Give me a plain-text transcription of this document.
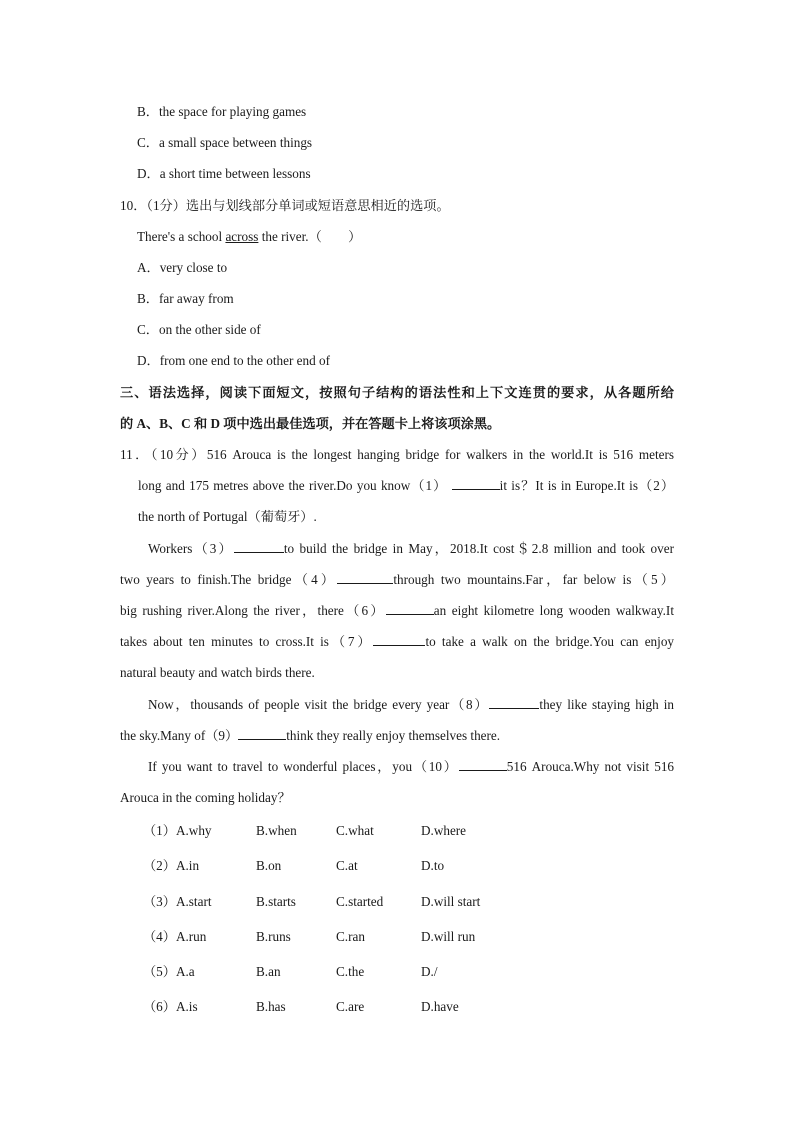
B．the space for playing games
C．a small space between things
D．a short time between lessons
10．（1分）选出与划线部分单词或短语意思相近的选项。
There's a school across the river.（　　）
A．very close to
B．far away from
C．on the other side of
D．from one end to the other end of
三、语法选择，阅读下面短文，按照句子结构的语法性和上下文连贯的要求，从各题所给
的 A、B、C 和 D 项中选出最佳选项，并在答题卡上将该项涂黑。
11．（10分）516 Arouca is the longest hanging bridge for walkers in the world.It is 516 meters
long and 175 metres above the river.Do you know（1）	it is？It is in Europe.It is（2）
the north of Portugal（葡萄牙）.
Workers（3）	to build the bridge in May，2018.It cost＄2.8 million and took over
two years to finish.The bridge（4）	through two mountains.Far，far below is（5）
big rushing river.Along the river，there（6）	an eight kilometre long wooden walkway.It
takes about ten minutes to cross.It is（7）	to take a walk on the bridge.You can enjoy
natural beauty and watch birds there.
Now，thousands of people visit the bridge every year（8）	they like staying high in
the sky.Many of（9）	think they really enjoy themselves there.
If you want to travel to wonderful places，you（10）	516 Arouca.Why not visit 516
Arouca in the coming holiday？
（1）A.why	B.when	C.what	D.where
（2）A.in	B.on	C.at	D.to
（3）A.start	B.starts	C.started	D.will start
（4）A.run	B.runs	C.ran	D.will run
（5）A.a	B.an	C.the	D./
（6）A.is	B.has	C.are	D.have
